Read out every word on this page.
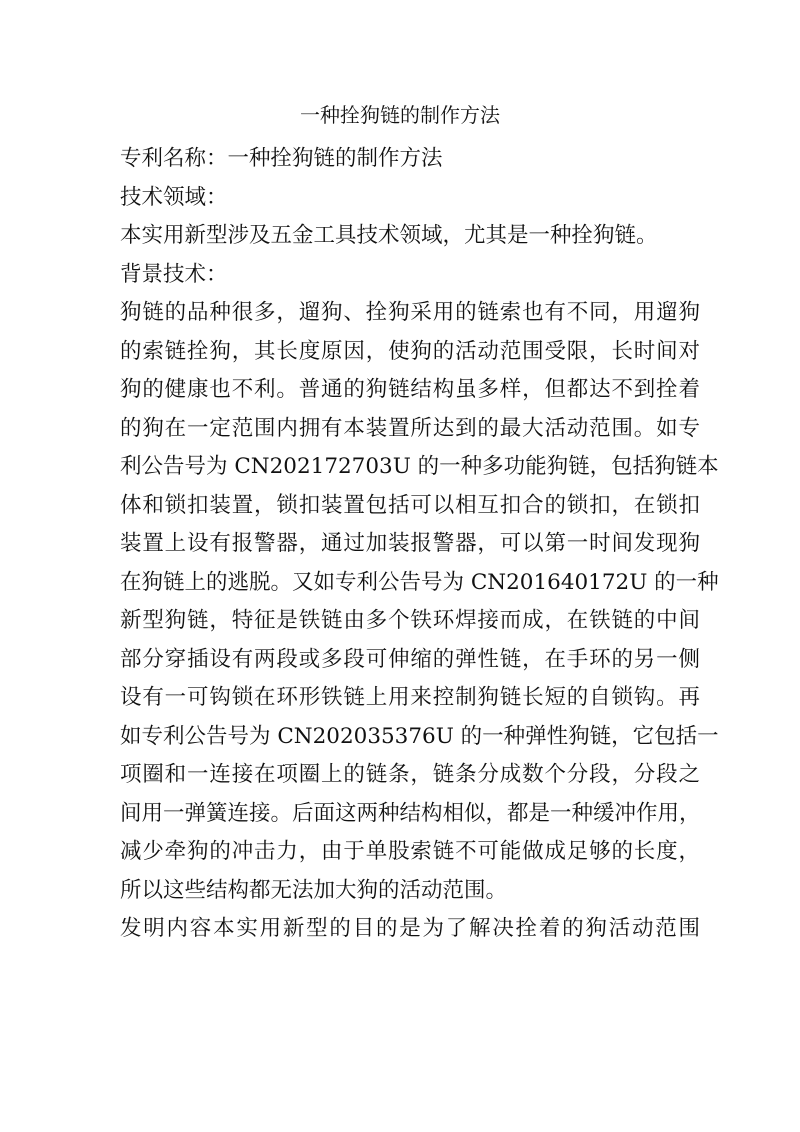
一种拴狗链的制作方法
专利名称：一种拴狗链的制作方法
技术领域：
本实用新型涉及五金工具技术领域，尤其是一种拴狗链。
背景技术：
狗链的品种很多，遛狗、拴狗采用的链索也有不同，用遛狗
的索链拴狗，其长度原因，使狗的活动范围受限，长时间对
狗的健康也不利。普通的狗链结构虽多样，但都达不到拴着
的狗在一定范围内拥有本装置所达到的最大活动范围。如专
利公告号为 CN202172703U 的一种多功能狗链，包括狗链本
体和锁扣装置，锁扣装置包括可以相互扣合的锁扣，在锁扣
装置上设有报警器，通过加装报警器，可以第一时间发现狗
在狗链上的逃脱。又如专利公告号为 CN201640172U 的一种
新型狗链，特征是铁链由多个铁环焊接而成，在铁链的中间
部分穿插设有两段或多段可伸缩的弹性链，在手环的另一侧
设有一可钩锁在环形铁链上用来控制狗链长短的自锁钩。再
如专利公告号为 CN202035376U 的一种弹性狗链，它包括一
项圈和一连接在项圈上的链条，链条分成数个分段，分段之
间用一弹簧连接。后面这两种结构相似，都是一种缓冲作用，
减少牵狗的冲击力，由于单股索链不可能做成足够的长度，
所以这些结构都无法加大狗的活动范围。
发明内容本实用新型的目的是为了解决拴着的狗活动范围
